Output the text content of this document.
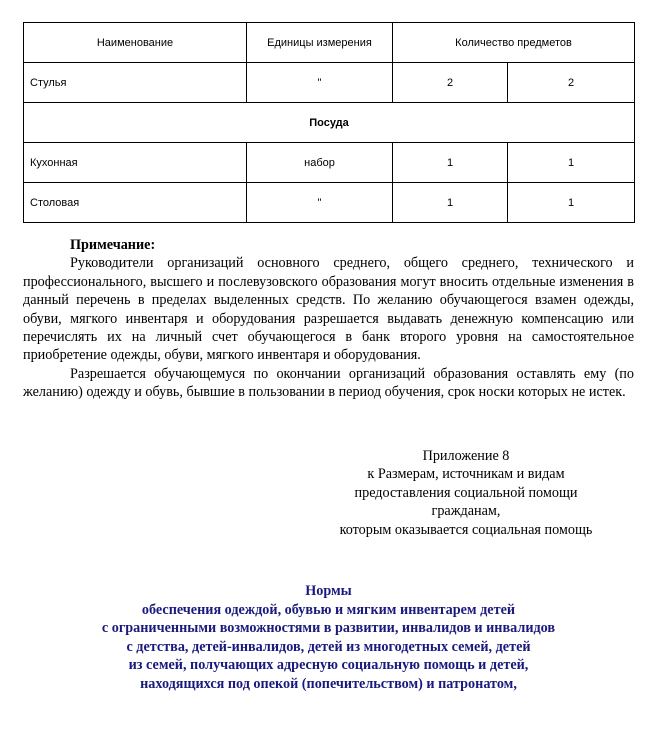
Наименование	Единицы измерения	Количество предметов	
Стулья	"	2	2
Посуда			
Кухонная	набор	1	1
Столовая	"	1	1

Примечание:

Руководители организаций основного среднего, общего среднего, технического и профессионального, высшего и послевузовского образования могут вносить отдельные изменения в данный перечень в пределах выделенных средств. По желанию обучающегося взамен одежды, обуви, мягкого инвентаря и оборудования разрешается выдавать денежную компенсацию или перечислять их на личный счет обучающегося в банк второго уровня на самостоятельное приобретение одежды, обуви, мягкого инвентаря и оборудования.

Разрешается обучающемуся по окончании организаций образования оставлять ему (по желанию) одежду и обувь, бывшие в пользовании в период обучения, срок носки которых не истек.

Приложение 8
к Размерам, источникам и видам
предоставления социальной помощи
гражданам,
которым оказывается социальная помощь
Нормы
обеспечения одеждой, обувью и мягким инвентарем детей
с ограниченными возможностями в развитии, инвалидов и инвалидов
с детства, детей-инвалидов, детей из многодетных семей, детей
из семей, получающих адресную социальную помощь и детей,
находящихся под опекой (попечительством) и патронатом,
